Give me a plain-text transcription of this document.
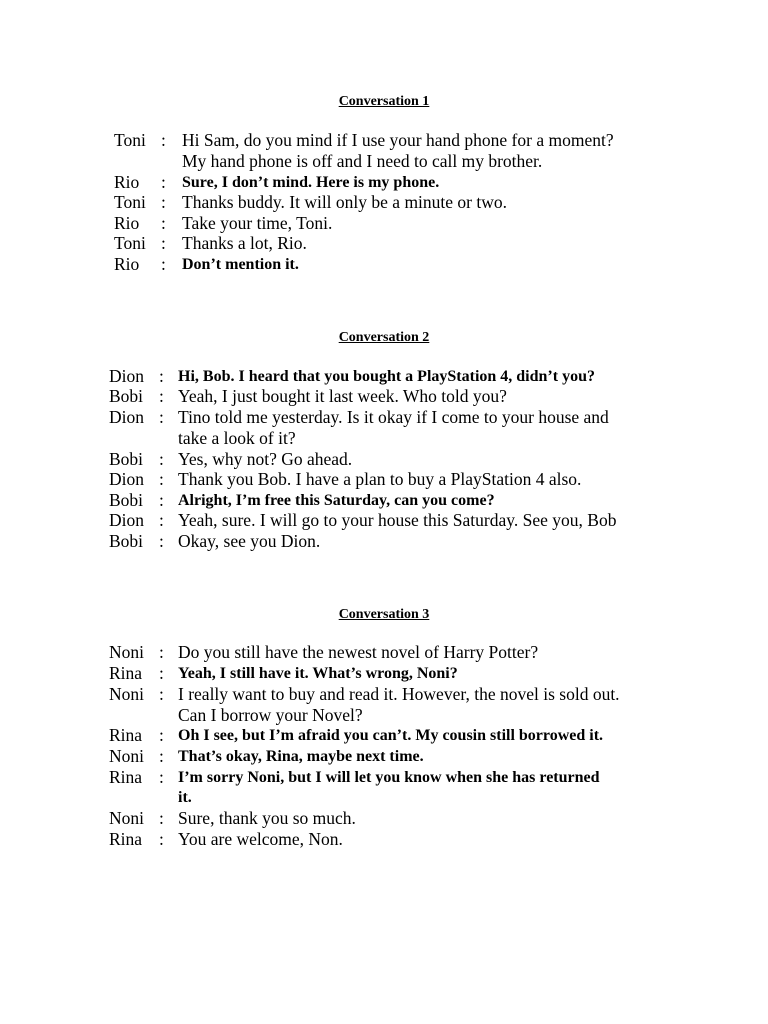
Conversation 1
Toni : Hi Sam, do you mind if I use your hand phone for a moment?
My hand phone is off and I need to call my brother.
Rio : Sure, I don’t mind. Here is my phone.
Toni : Thanks buddy. It will only be a minute or two.
Rio : Take your time, Toni.
Toni : Thanks a lot, Rio.
Rio : Don’t mention it.
Conversation 2
Dion : Hi, Bob. I heard that you bought a PlayStation 4, didn’t you?
Bobi : Yeah, I just bought it last week. Who told you?
Dion : Tino told me yesterday. Is it okay if I come to your house and
take a look of it?
Bobi : Yes, why not? Go ahead.
Dion : Thank you Bob. I have a plan to buy a PlayStation 4 also.
Bobi : Alright, I’m free this Saturday, can you come?
Dion : Yeah, sure. I will go to your house this Saturday. See you, Bob
Bobi : Okay, see you Dion.
Conversation 3
Noni : Do you still have the newest novel of Harry Potter?
Rina : Yeah, I still have it. What’s wrong, Noni?
Noni : I really want to buy and read it. However, the novel is sold out.
Can I borrow your Novel?
Rina : Oh I see, but I’m afraid you can’t. My cousin still borrowed it.
Noni : That’s okay, Rina, maybe next time.
Rina : I’m sorry Noni, but I will let you know when she has returned
it.
Noni : Sure, thank you so much.
Rina : You are welcome, Non.
